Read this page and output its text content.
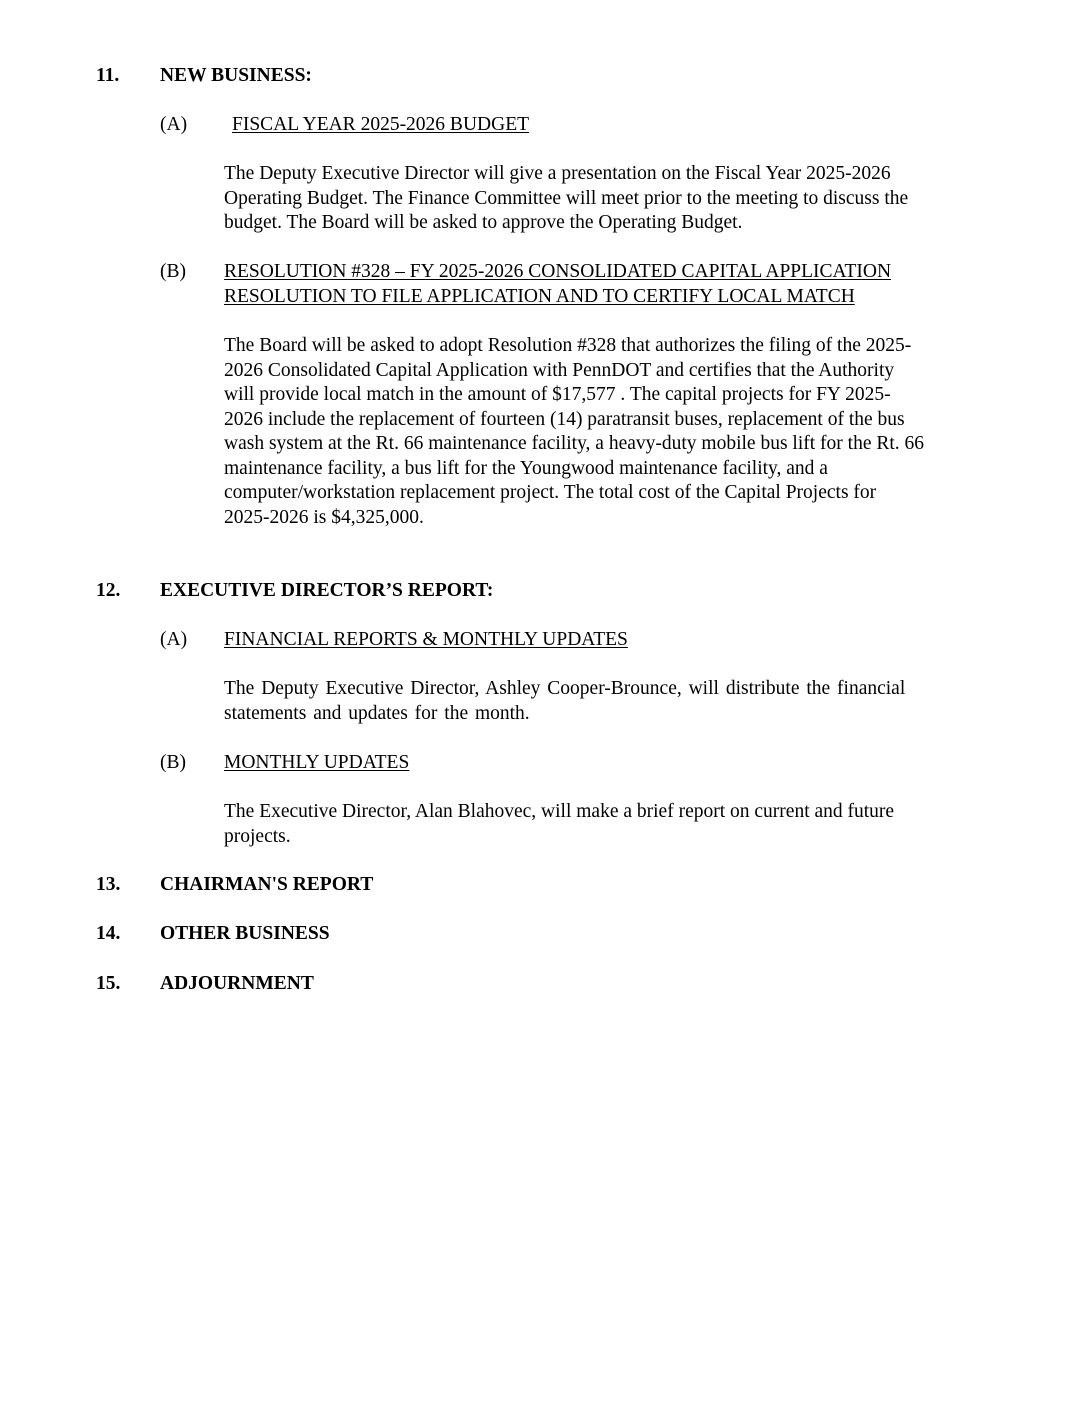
11. NEW BUSINESS:
(A) FISCAL YEAR 2025-2026 BUDGET
The Deputy Executive Director will give a presentation on the Fiscal Year 2025-2026
Operating Budget. The Finance Committee will meet prior to the meeting to discuss the
budget. The Board will be asked to approve the Operating Budget.
(B) RESOLUTION #328 – FY 2025-2026 CONSOLIDATED CAPITAL APPLICATION
RESOLUTION TO FILE APPLICATION AND TO CERTIFY LOCAL MATCH
The Board will be asked to adopt Resolution #328 that authorizes the filing of the 2025-
2026 Consolidated Capital Application with PennDOT and certifies that the Authority
will provide local match in the amount of $17,577 . The capital projects for FY 2025-
2026 include the replacement of fourteen (14) paratransit buses, replacement of the bus
wash system at the Rt. 66 maintenance facility, a heavy-duty mobile bus lift for the Rt. 66
maintenance facility, a bus lift for the Youngwood maintenance facility, and a
computer/workstation replacement project. The total cost of the Capital Projects for
2025-2026 is $4,325,000.
12. EXECUTIVE DIRECTOR’S REPORT:
(A) FINANCIAL REPORTS & MONTHLY UPDATES
The Deputy Executive Director, Ashley Cooper-Brounce, will distribute the financial
statements and updates for the month.
(B) MONTHLY UPDATES
The Executive Director, Alan Blahovec, will make a brief report on current and future
projects.
13. CHAIRMAN'S REPORT
14. OTHER BUSINESS
15. ADJOURNMENT
